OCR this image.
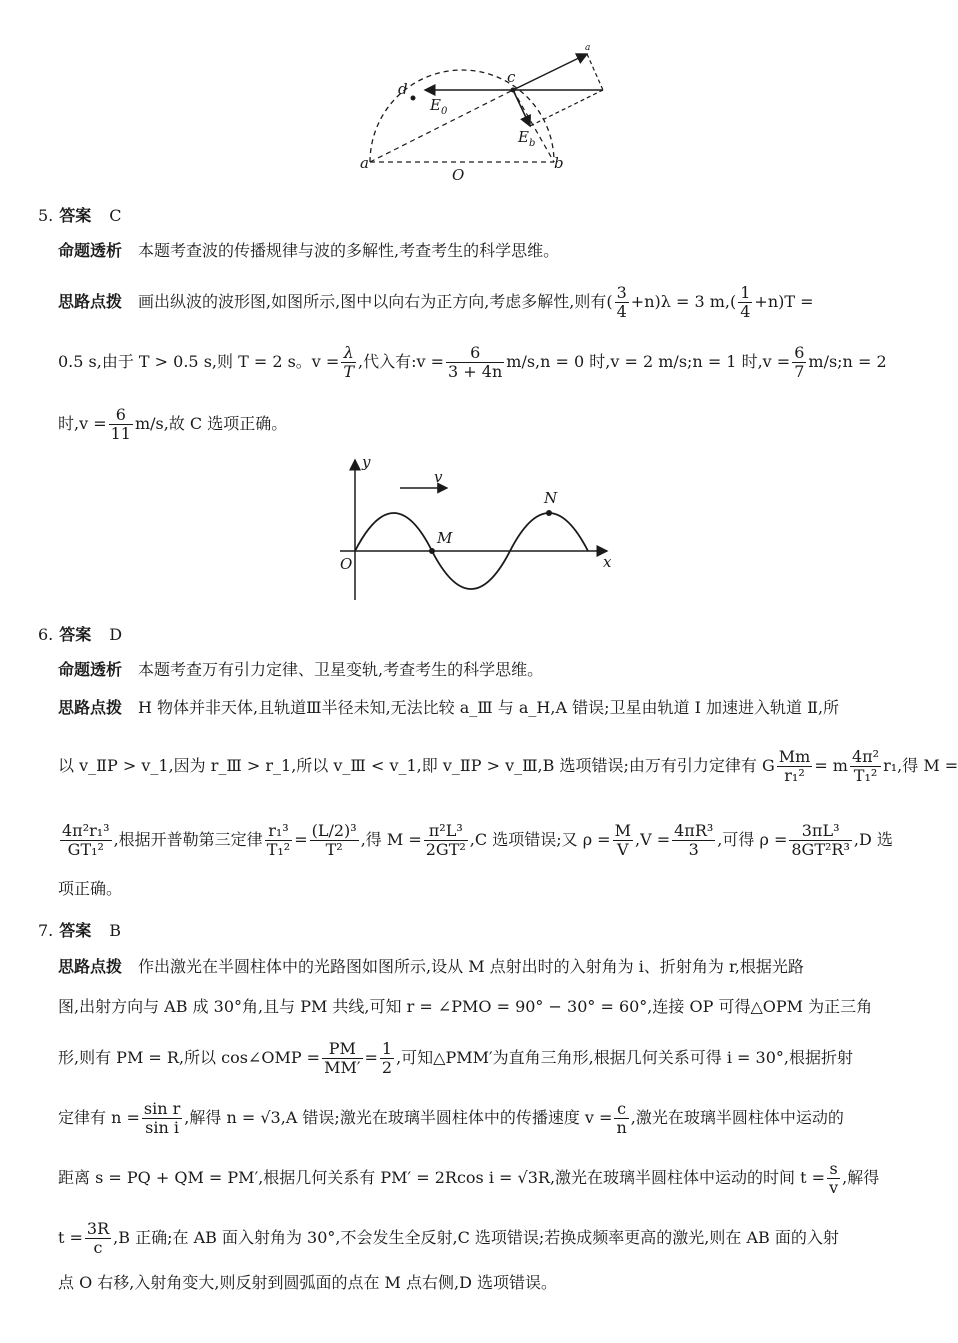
d
c
a	b
O
$E_0$
$E_b$
a
5. 答案 C
命题透析 本题考查波的传播规律与波的多解性,考查考生的科学思维。
思路点拨 画出纵波的波形图,如图所示,图中以向右为正方向,考虑多解性,则有( $\frac{3}{4} +n)\lambda = 3$ $m,( \frac{1}{4} +n)T$ =
0.5 s,由于 T > 0.5 s,则 T = 2 s。$v = \frac{\lambda}{T}$ ,代入有:v = $\frac{6}{3 + 4n} m/s,n = 0$ 时,v = 2 m/s;n = 1 时$,v = \frac{6}{7}$ m/s;n = 2
时$,v = \frac{6}{11} m/s$,故 C 选项正确。
y
x
O
v
M
N
6. 答案 D
命题透析 本题考查万有引力定律、卫星变轨,考查考生的科学思维。
思路点拨 H 物体并非天体,且轨道Ⅲ半径未知,无法比较 a_Ⅲ 与 a_H,A 错误;卫星由轨道 Ⅰ 加速进入轨道 Ⅱ,所
以 v_ⅡP > v_1,因为 r_Ⅲ > r_1,所以 v_Ⅲ < v_1,即 v_ⅡP > v_Ⅲ,B 选项错误;由万有引力定律有 G $\frac{Mm}{\text{r₁²}} = m \frac{\text{4π²}}{\text{T₁²}} r_1$,得 M =
$\frac{\text{4π²r₁³}}{\text{GT₁²}}$ ,根据开普勒第三定律 $\frac{\text{r₁³}}{\text{T₁²}} = \frac{\text{(L/2)³}}{\text{T²}}$ ,得 $M = \frac{\text{π²L³}}{\text{2GT²}} ,C$ 选项错误;又 $\rho = \frac{M}{V} ,V = \frac{\text{4πR³}}{3}$ ,可得 $\rho = \frac{\text{3πL³}}{\text{8GT²R³}} ,D$ 选
项正确。
7. 答案 B
思路点拨 作出激光在半圆柱体中的光路图如图所示,设从 M 点射出时的入射角为 i、折射角为 r,根据光路
图,出射方向与 AB 成 30°角,且与 PM 共线,可知 r = ∠PMO = 90° − 30° = 60°,连接 OP 可得△OPM 为正三角
形,则有 PM = R,所以 cos∠OMP = $\frac{PM}{MM'} = \frac{1}{2}$ ,可知△PMM′为直角三角形,根据几何关系可得 i = 30°,根据折射
定律有 $n = \frac{\text{sin r}}{\text{sin i}}$ ,解得 n = √3,A 错误;激光在玻璃半圆柱体中的传播速度 $v = \frac{c}{n}$ ,激光在玻璃半圆柱体中运动的
距离 s = PQ + QM = PM′,根据几何关系有 PM′ = 2Rcos i = √3R,激光在玻璃半圆柱体中运动的时间 $t = \frac{s}{v}$ ,解得
$t = \frac{3R}{c} ,B$ 正确;在 AB 面入射角为 30°,不会发生全反射,C 选项错误;若换成频率更高的激光,则在 AB 面的入射
点 O 右移,入射角变大,则反射到圆弧面的点在 M 点右侧,D 选项错误。
